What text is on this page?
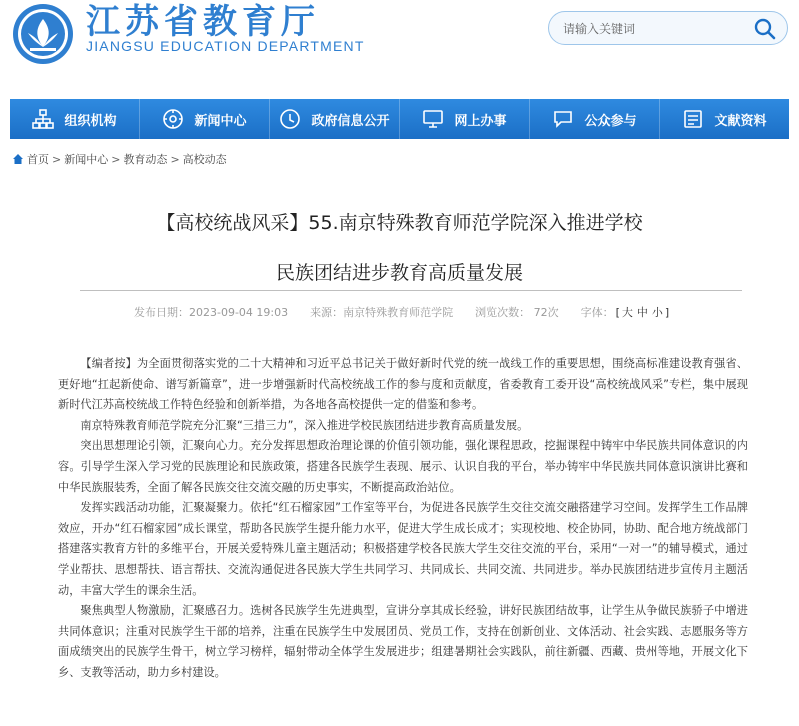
江苏省教育厅
JIANGSU EDUCATION DEPARTMENT
请输入关键词
组织机构	新闻中心	政府信息公开	网上办事	公众参与	文献资料
首页 > 新闻中心 > 教育动态 > 高校动态
【高校统战风采】55.南京特殊教育师范学院深入推进学校
民族团结进步教育高质量发展
发布日期：2023-09-04 19:03 来源：南京特殊教育师范学院 浏览次数： 72次 字体： [ 大 中 小 ]

【编者按】为全面贯彻落实党的二十大精神和习近平总书记关于做好新时代党的统一战线工作的重要思想，围绕高标准建设教育强省、更好地“扛起新使命、谱写新篇章”，进一步增强新时代高校统战工作的参与度和贡献度，省委教育工委开设“高校统战风采”专栏，集中展现新时代江苏高校统战工作特色经验和创新举措，为各地各高校提供一定的借鉴和参考。

南京特殊教育师范学院充分汇聚“三措三力”，深入推进学校民族团结进步教育高质量发展。

突出思想理论引领，汇聚向心力。充分发挥思想政治理论课的价值引领功能，强化课程思政，挖掘课程中铸牢中华民族共同体意识的内容。引导学生深入学习党的民族理论和民族政策，搭建各民族学生表现、展示、认识自我的平台，举办铸牢中华民族共同体意识演讲比赛和中华民族服装秀，全面了解各民族交往交流交融的历史事实，不断提高政治站位。

发挥实践活动功能，汇聚凝聚力。依托“红石榴家园”工作室等平台，为促进各民族学生交往交流交融搭建学习空间。发挥学生工作品牌效应，开办“红石榴家园”成长课堂，帮助各民族学生提升能力水平，促进大学生成长成才；实现校地、校企协同，协助、配合地方统战部门搭建落实教育方针的多维平台，开展关爱特殊儿童主题活动；积极搭建学校各民族大学生交往交流的平台，采用“一对一”的辅导模式，通过学业帮扶、思想帮扶、语言帮扶、交流沟通促进各民族大学生共同学习、共同成长、共同交流、共同进步。举办民族团结进步宣传月主题活动，丰富大学生的课余生活。

聚焦典型人物激励，汇聚感召力。选树各民族学生先进典型，宣讲分享其成长经验，讲好民族团结故事，让学生从争做民族骄子中增进共同体意识；注重对民族学生干部的培养，注重在民族学生中发展团员、党员工作，支持在创新创业、文体活动、社会实践、志愿服务等方面成绩突出的民族学生骨干，树立学习榜样，辐射带动全体学生发展进步；组建暑期社会实践队，前往新疆、西藏、贵州等地，开展文化下乡、支教等活动，助力乡村建设。
